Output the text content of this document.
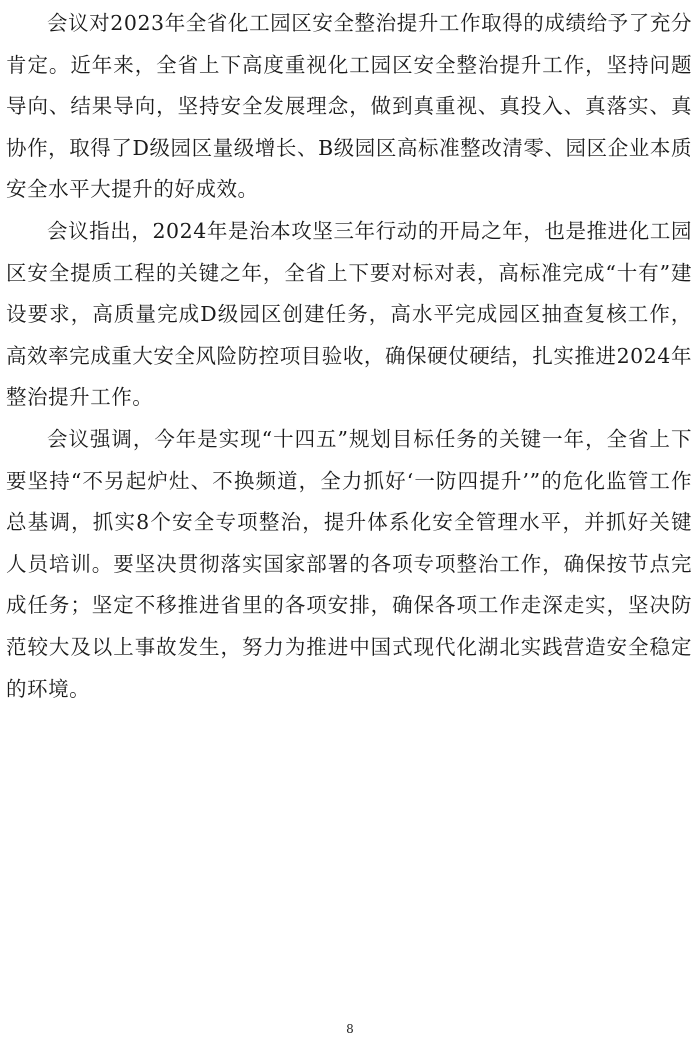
会议对2023年全省化工园区安全整治提升工作取得的成绩给予了充分肯定。近年来，全省上下高度重视化工园区安全整治提升工作，坚持问题导向、结果导向，坚持安全发展理念，做到真重视、真投入、真落实、真协作，取得了D级园区量级增长、B级园区高标准整改清零、园区企业本质安全水平大提升的好成效。

会议指出，2024年是治本攻坚三年行动的开局之年，也是推进化工园区安全提质工程的关键之年，全省上下要对标对表，高标准完成“十有”建设要求，高质量完成D级园区创建任务，高水平完成园区抽查复核工作，高效率完成重大安全风险防控项目验收，确保硬仗硬结，扎实推进2024年整治提升工作。

会议强调，今年是实现“十四五”规划目标任务的关键一年，全省上下要坚持“不另起炉灶、不换频道，全力抓好‘一防四提升’”的危化监管工作总基调，抓实8个安全专项整治，提升体系化安全管理水平，并抓好关键人员培训。要坚决贯彻落实国家部署的各项专项整治工作，确保按节点完成任务；坚定不移推进省里的各项安排，确保各项工作走深走实，坚决防范较大及以上事故发生，努力为推进中国式现代化湖北实践营造安全稳定的环境。

8
